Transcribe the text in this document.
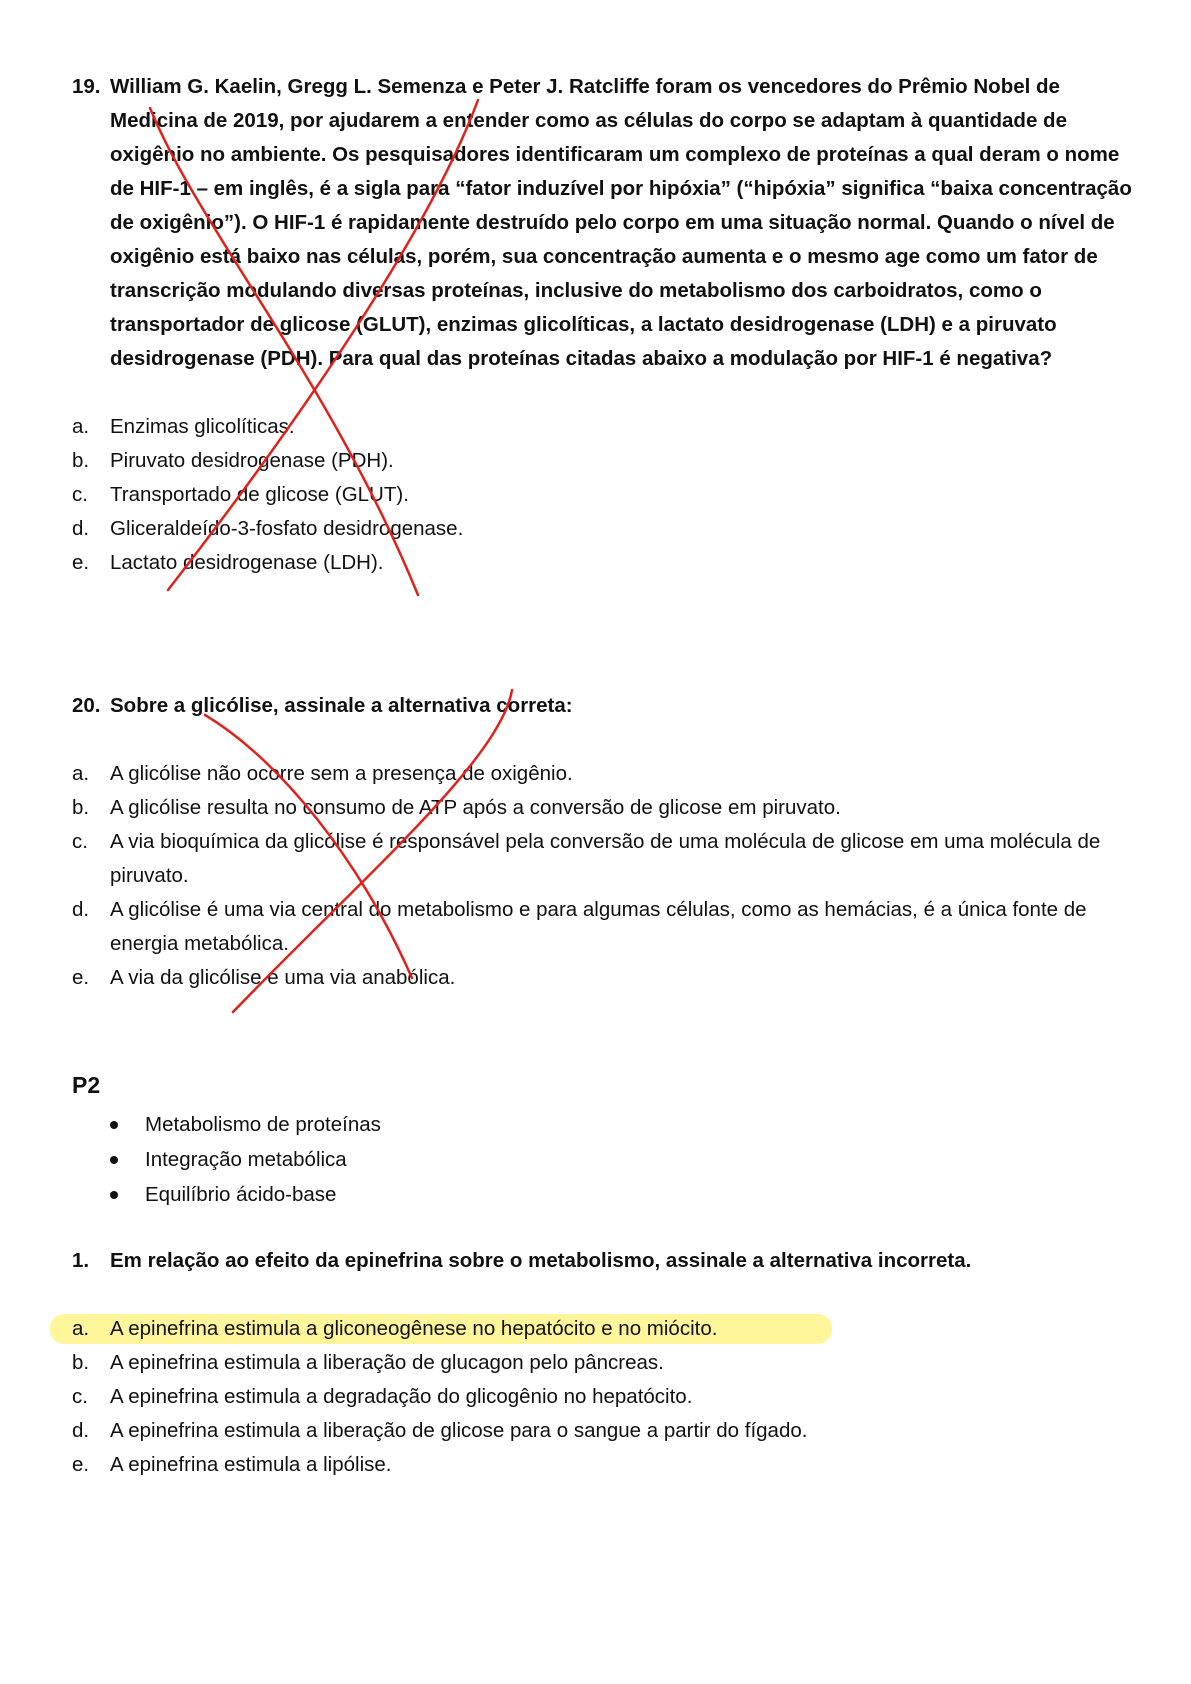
19. William G. Kaelin, Gregg L. Semenza e Peter J. Ratcliffe foram os vencedores do Prêmio Nobel de Medicina de 2019, por ajudarem a entender como as células do corpo se adaptam à quantidade de oxigênio no ambiente. Os pesquisadores identificaram um complexo de proteínas a qual deram o nome de HIF-1 – em inglês, é a sigla para “fator induzível por hipóxia” (“hipóxia” significa “baixa concentração de oxigênio”). O HIF-1 é rapidamente destruído pelo corpo em uma situação normal. Quando o nível de oxigênio está baixo nas células, porém, sua concentração aumenta e o mesmo age como um fator de transcrição modulando diversas proteínas, inclusive do metabolismo dos carboidratos, como o transportador de glicose (GLUT), enzimas glicolíticas, a lactato desidrogenase (LDH) e a piruvato desidrogenase (PDH). Para qual das proteínas citadas abaixo a modulação por HIF-1 é negativa?
a. Enzimas glicolíticas.
b. Piruvato desidrogenase (PDH).
c. Transportado de glicose (GLUT).
d. Gliceraldeído-3-fosfato desidrogenase.
e. Lactato desidrogenase (LDH).
20. Sobre a glicólise, assinale a alternativa correta:
a. A glicólise não ocorre sem a presença de oxigênio.
b. A glicólise resulta no consumo de ATP após a conversão de glicose em piruvato.
c. A via bioquímica da glicólise é responsável pela conversão de uma molécula de glicose em uma molécula de piruvato.
d. A glicólise é uma via central do metabolismo e para algumas células, como as hemácias, é a única fonte de energia metabólica.
e. A via da glicólise é uma via anabólica.
P2
Metabolismo de proteínas
Integração metabólica
Equilíbrio ácido-base
1. Em relação ao efeito da epinefrina sobre o metabolismo, assinale a alternativa incorreta.
a. A epinefrina estimula a gliconeogênese no hepatócito e no miócito.
b. A epinefrina estimula a liberação de glucagon pelo pâncreas.
c. A epinefrina estimula a degradação do glicogênio no hepatócito.
d. A epinefrina estimula a liberação de glicose para o sangue a partir do fígado.
e. A epinefrina estimula a lipólise.
